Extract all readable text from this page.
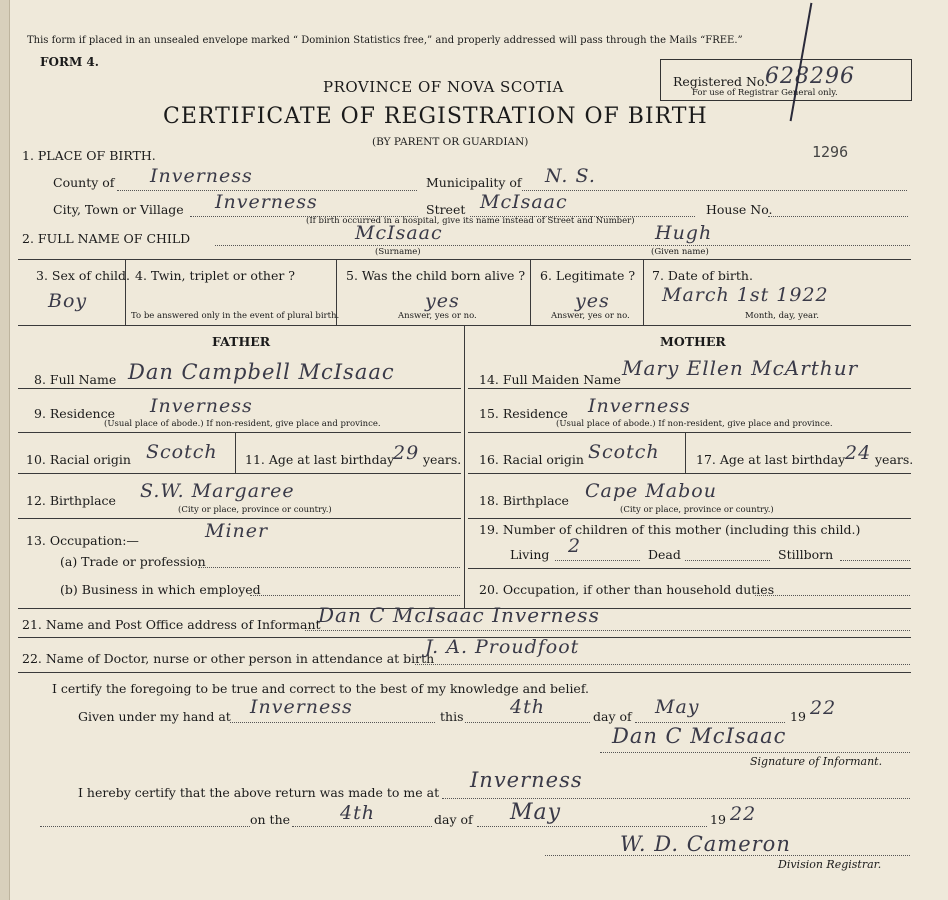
This form if placed in an unsealed envelope marked “ Dominion Statistics free,” and properly addressed will pass through the Mails “FREE.”
FORM 4.
PROVINCE OF NOVA SCOTIA
CERTIFICATE OF REGISTRATION OF BIRTH
(BY PARENT OR GUARDIAN)
Registered No.
For use of Registrar General only.
628296
1296
1. PLACE OF BIRTH.
County of Inverness	Municipality of N. S.
City, Town or Village Inverness	Street McIsaac	House No.
(If birth occurred in a hospital, give its name instead of Street and Number)
2. FULL NAME OF CHILD	McIsaac	Hugh
(Surname)	(Given name)
3. Sex of child.
Boy
4. Twin, triplet or other ?
To be answered only in the event of plural birth.
5. Was the child born alive ?
yes
Answer, yes or no.
6. Legitimate ?
yes
Answer, yes or no.
7. Date of birth.
March 1st 1922
Month, day, year.
FATHER	MOTHER
8. Full Name Dan Campbell McIsaac
9. Residence Inverness
(Usual place of abode.) If non-resident, give place and province.
10. Racial origin Scotch 11. Age at last birthday
29 years.
12. Birthplace S.W. Margaree
(City or place, province or country.)
13. Occupation:—	Miner
(a) Trade or profession
(b) Business in which employed
14. Full Maiden Name Mary Ellen McArthur
15. Residence Inverness
(Usual place of abode.) If non-resident, give place and province.
16. Racial origin Scotch	17. Age at last birthday 24 years.
18. Birthplace Cape Mabou
(City or place, province or country.)
19. Number of children of this mother (including this child.)
Living 2	Dead	Stillborn
20. Occupation, if other than household duties
21. Name and Post Office address of Informant
Dan C McIsaac Inverness
22. Name of Doctor, nurse or other person in attendance at birth
J. A. Proudfoot
I certify the foregoing to be true and correct to the best of my knowledge and belief.
Given under my hand at Inverness	this 4th	day of May	19 22
Dan C McIsaac
Signature of Informant.
I hereby certify that the above return was made to me at
Inverness
on the	4th	day of May	19 22
W. D. Cameron
Division Registrar.
